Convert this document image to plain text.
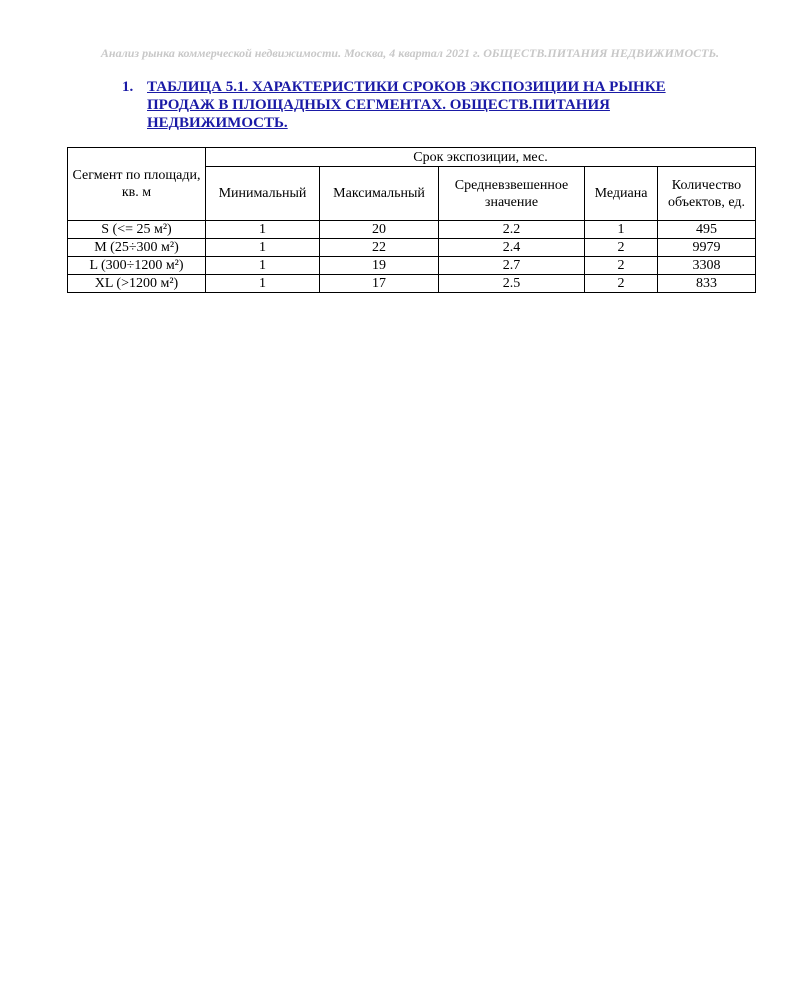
Анализ рынка коммерческой недвижимости. Москва, 4 квартал 2021 г. ОБЩЕСТВ.ПИТАНИЯ НЕДВИЖИМОСТЬ.
1. ТАБЛИЦА 5.1. ХАРАКТЕРИСТИКИ СРОКОВ ЭКСПОЗИЦИИ НА РЫНКЕ ПРОДАЖ В ПЛОЩАДНЫХ СЕГМЕНТАХ. ОБЩЕСТВ.ПИТАНИЯ НЕДВИЖИМОСТЬ.
Сегмент по площади, кв. м	Срок экспозиции, мес.				
	Минимальный	Максимальный	Средневзвешенное значение	Медиана	Количество объектов, ед.
S (<= 25 м²)	1	20	2.2	1	495
M (25÷300 м²)	1	22	2.4	2	9979
L (300÷1200 м²)	1	19	2.7	2	3308
XL (>1200 м²)	1	17	2.5	2	833
